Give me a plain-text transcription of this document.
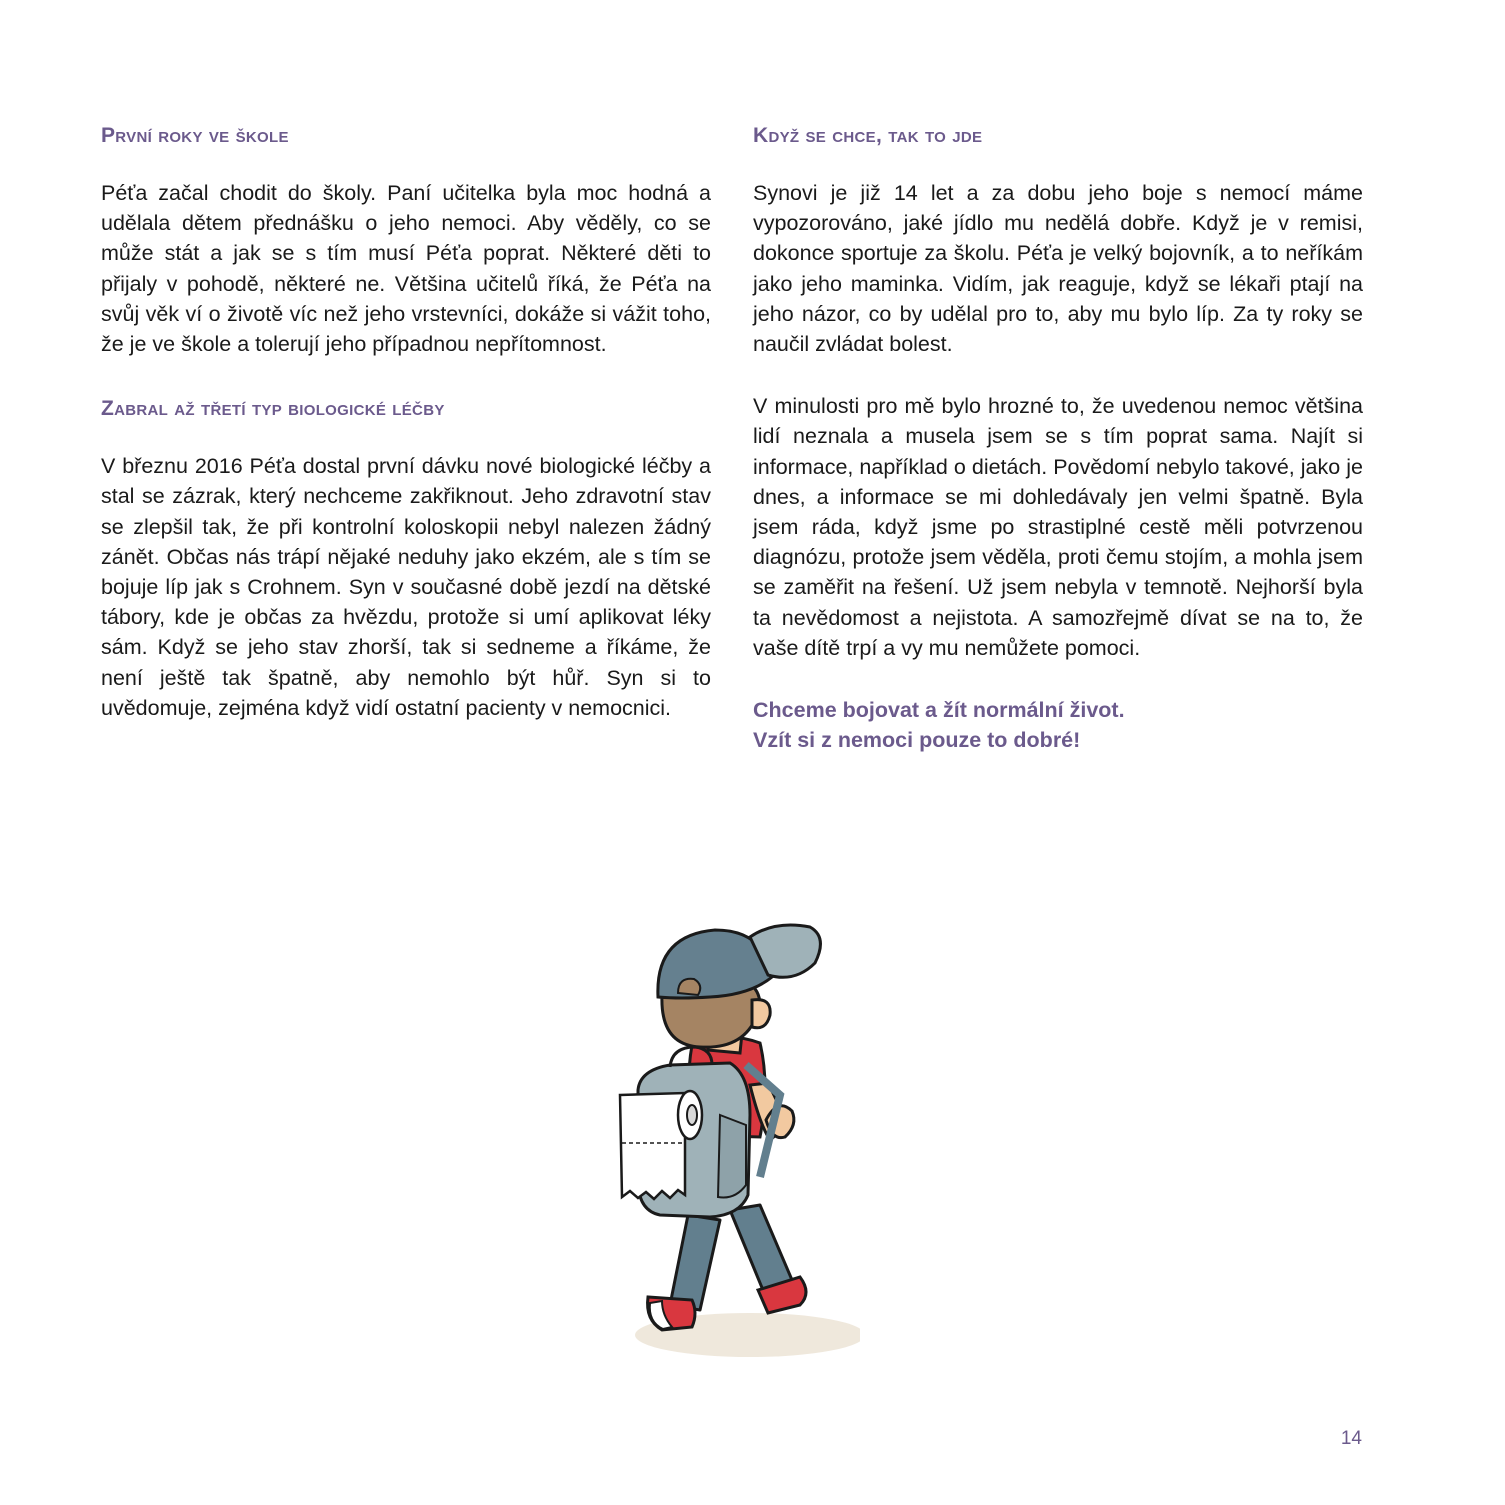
První roky ve škole

Péťa začal chodit do školy. Paní učitelka byla moc hodná a udělala dětem přednášku o jeho nemoci. Aby věděly, co se může stát a jak se s tím musí Péťa poprat. Některé děti to přijaly v pohodě, některé ne. Většina učitelů říká, že Péťa na svůj věk ví o životě víc než jeho vrstevníci, dokáže si vážit toho, že je ve škole a tolerují jeho případnou nepřítomnost.

Zabral až třetí typ biologické léčby

V březnu 2016 Péťa dostal první dávku nové biologické léčby a stal se zázrak, který nechceme zakřiknout. Jeho zdravotní stav se zlepšil tak, že při kontrolní koloskopii nebyl nalezen žádný zánět. Občas nás trápí nějaké neduhy jako ekzém, ale s tím se bojuje líp jak s Crohnem. Syn v současné době jezdí na dětské tábory, kde je občas za hvězdu, protože si umí aplikovat léky sám. Když se jeho stav zhorší, tak si sedneme a říkáme, že není ještě tak špatně, aby nemohlo být hůř. Syn si to uvědomuje, zejména když vidí ostatní pacienty v nemocnici.

Když se chce, tak to jde

Synovi je již 14 let a za dobu jeho boje s nemocí máme vypozorováno, jaké jídlo mu nedělá dobře. Když je v remisi, dokonce sportuje za školu. Péťa je velký bojovník, a to neříkám jako jeho maminka. Vidím, jak reaguje, když se lékaři ptají na jeho názor, co by udělal pro to, aby mu bylo líp. Za ty roky se naučil zvládat bolest.

V minulosti pro mě bylo hrozné to, že uvedenou nemoc většina lidí neznala a musela jsem se s tím poprat sama. Najít si informace, například o dietách. Povědomí nebylo takové, jako je dnes, a informace se mi dohledávaly jen velmi špatně. Byla jsem ráda, když jsme po strastiplné cestě měli potvrzenou diagnózu, protože jsem věděla, proti čemu stojím, a mohla jsem se zaměřit na řešení. Už jsem nebyla v temnotě. Nejhorší byla ta nevědomost a nejistota. A samozřejmě dívat se na to, že vaše dítě trpí a vy mu nemůžete pomoci.

Chceme bojovat a žít normální život.
Vzít si z nemoci pouze to dobré!

14
